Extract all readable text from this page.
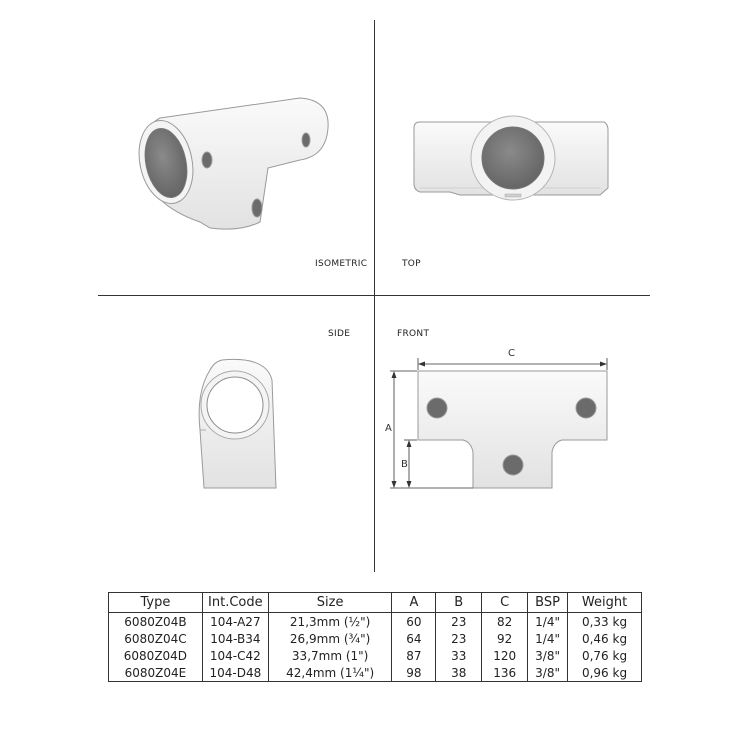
ISOMETRIC	TOP
SIDE	FRONT
C
A
B
Type	Int.Code	Size	A	B	C	BSP	Weight
6080Z04B	104-A27	21,3mm (½")	60	23	82	1/4"	0,33 kg
6080Z04C	104-B34	26,9mm (¾")	64	23	92	1/4"	0,46 kg
6080Z04D	104-C42	33,7mm (1")	87	33	120	3/8"	0,76 kg
6080Z04E	104-D48	42,4mm (1¼")	98	38	136	3/8"	0,96 kg
